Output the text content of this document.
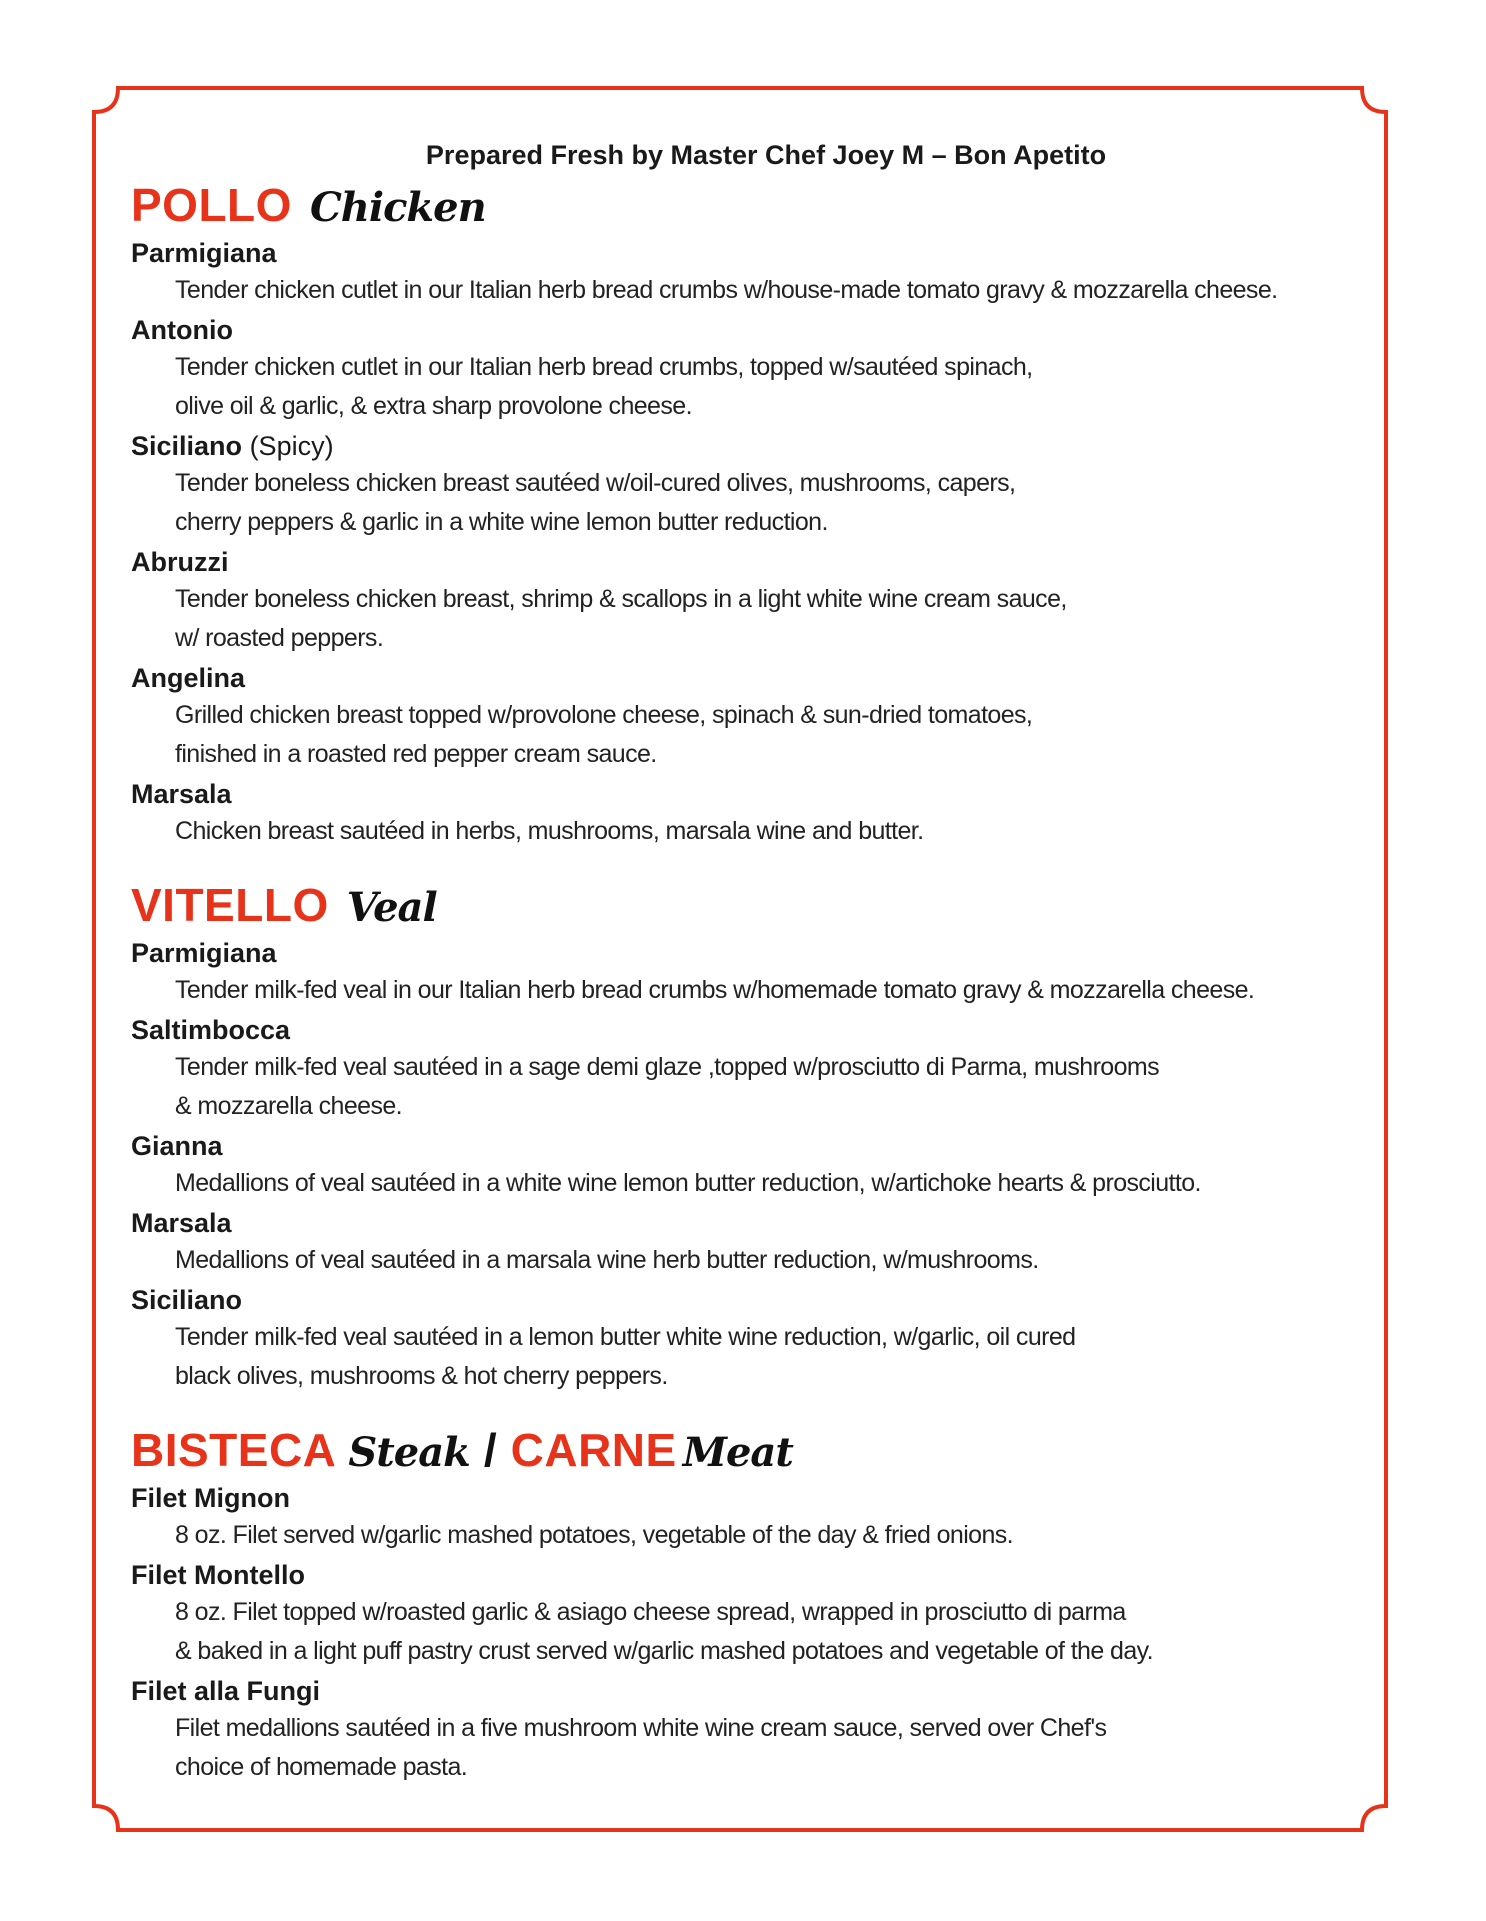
Prepared Fresh by Master Chef Joey M – Bon Apetito
POLLO Chicken
Parmigiana
Tender chicken cutlet in our Italian herb bread crumbs w/house-made tomato gravy & mozzarella cheese.
Antonio
Tender chicken cutlet in our Italian herb bread crumbs, topped w/sautéed spinach,
olive oil & garlic, & extra sharp provolone cheese.
Siciliano (Spicy)
Tender boneless chicken breast sautéed w/oil-cured olives, mushrooms, capers,
cherry peppers & garlic in a white wine lemon butter reduction.
Abruzzi
Tender boneless chicken breast, shrimp & scallops in a light white wine cream sauce,
w/ roasted peppers.
Angelina
Grilled chicken breast topped w/provolone cheese, spinach & sun-dried tomatoes,
finished in a roasted red pepper cream sauce.
Marsala
Chicken breast sautéed in herbs, mushrooms, marsala wine and butter.
VITELLO Veal
Parmigiana
Tender milk-fed veal in our Italian herb bread crumbs w/homemade tomato gravy & mozzarella cheese.
Saltimbocca
Tender milk-fed veal sautéed in a sage demi glaze ,topped w/prosciutto di Parma, mushrooms
& mozzarella cheese.
Gianna
Medallions of veal sautéed in a white wine lemon butter reduction, w/artichoke hearts & prosciutto.
Marsala
Medallions of veal sautéed in a marsala wine herb butter reduction, w/mushrooms.
Siciliano
Tender milk-fed veal sautéed in a lemon butter white wine reduction, w/garlic, oil cured
black olives, mushrooms & hot cherry peppers.
BISTECA Steak / CARNE Meat
Filet Mignon
8 oz. Filet served w/garlic mashed potatoes, vegetable of the day & fried onions.
Filet Montello
8 oz. Filet topped w/roasted garlic & asiago cheese spread, wrapped in prosciutto di parma
& baked in a light puff pastry crust served w/garlic mashed potatoes and vegetable of the day.
Filet alla Fungi
Filet medallions sautéed in a five mushroom white wine cream sauce, served over Chef's
choice of homemade pasta.
